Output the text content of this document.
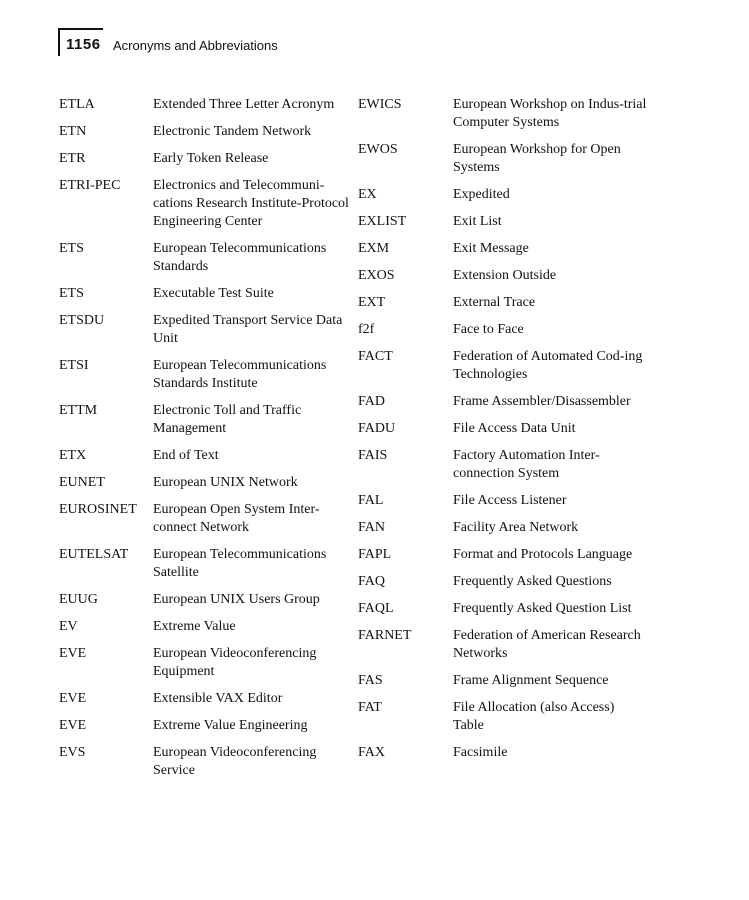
1156 Acronyms and Abbreviations
ETLA	Extended Three Letter Acronym
ETN	Electronic Tandem Network
ETR	Early Token Release
ETRI-PEC	Electronics and Telecommuni-cations Research Institute-Protocol Engineering Center
ETS	European Telecommunications Standards
ETS	Executable Test Suite
ETSDU	Expedited Transport Service Data Unit
ETSI	European Telecommunications Standards Institute
ETTM	Electronic Toll and Traffic Management
ETX	End of Text
EUNET	European UNIX Network
EUROSINET	European Open System Inter-connect Network
EUTELSAT	European Telecommunications Satellite
EUUG	European UNIX Users Group
EV	Extreme Value
EVE	European Videoconferencing Equipment
EVE	Extensible VAX Editor
EVE	Extreme Value Engineering
EVS	European Videoconferencing Service
EWICS	European Workshop on Indus-trial Computer Systems
EWOS	European Workshop for Open Systems
EX	Expedited
EXLIST	Exit List
EXM	Exit Message
EXOS	Extension Outside
EXT	External Trace
f2f	Face to Face
FACT	Federation of Automated Cod-ing Technologies
FAD	Frame Assembler/Disassembler
FADU	File Access Data Unit
FAIS	Factory Automation Inter-connection System
FAL	File Access Listener
FAN	Facility Area Network
FAPL	Format and Protocols Language
FAQ	Frequently Asked Questions
FAQL	Frequently Asked Question List
FARNET	Federation of American Research Networks
FAS	Frame Alignment Sequence
FAT	File Allocation (also Access) Table
FAX	Facsimile
